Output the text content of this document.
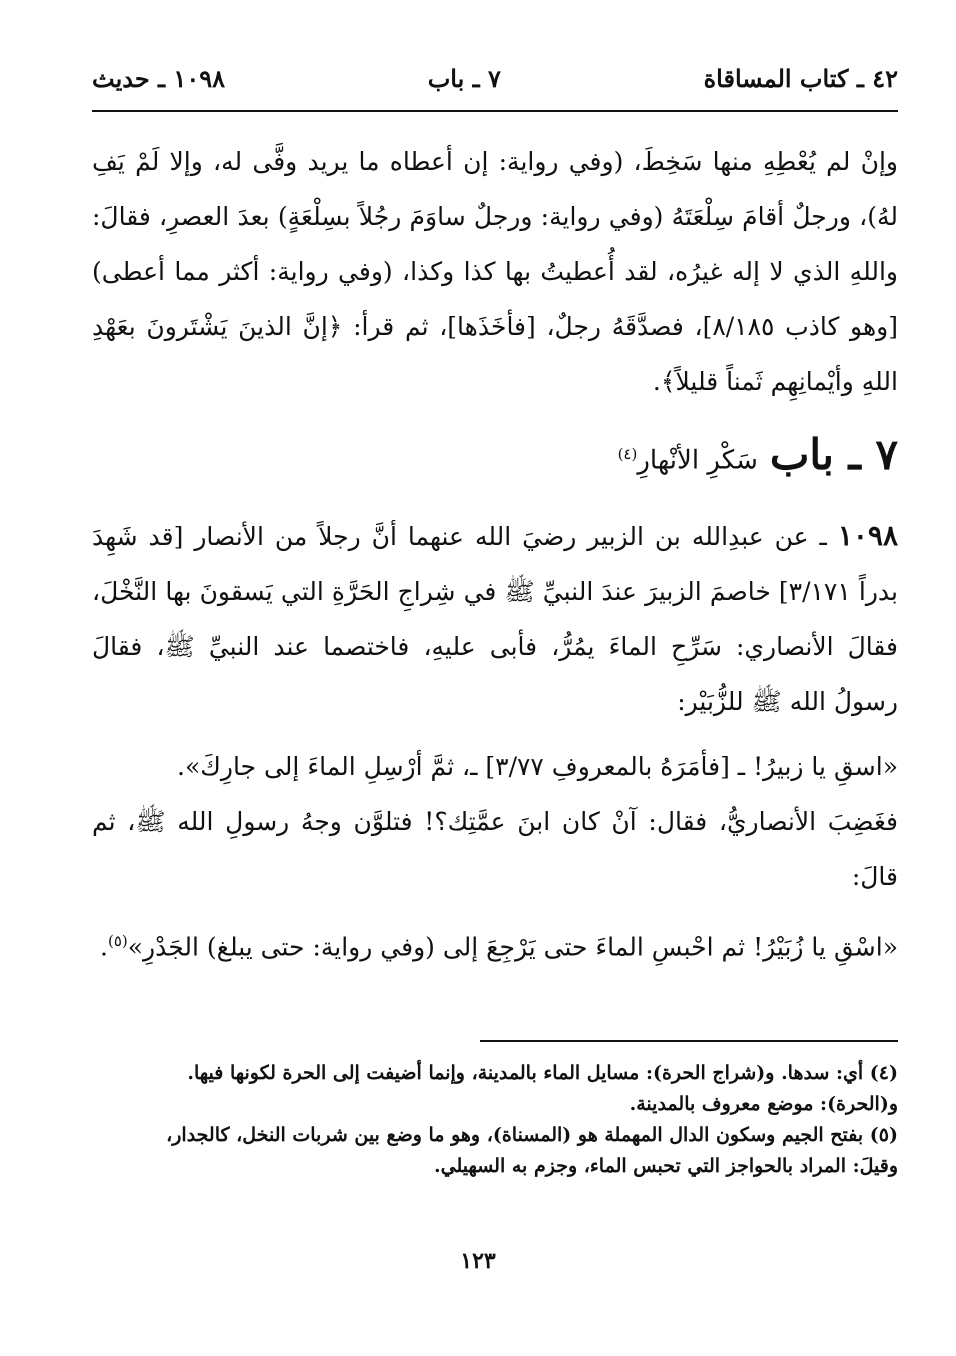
٤٢ ـ كتاب المساقاة
٧ ـ باب
١٠٩٨ ـ حديث

وإنْ لم يُعْطِهِ منها سَخِطَ، (وفي رواية: إن أعطاه ما يريد وفَّى له، وإلا لَمْ يَفِ لهُ)، ورجلٌ أقامَ سِلْعَتَهُ (وفي رواية: ورجلٌ ساوَمَ رجُلاً بسِلْعَةٍ) بعدَ العصرِ، فقالَ: واللهِ الذي لا إله غيرُه، لقد أُعطيتُ بها كذا وكذا، (وفي رواية: أكثر مما أعطى) [وهو كاذب ٨/١٨٥]، فصدَّقَهُ رجلٌ، [فأخَذَها]، ثم قرأ: ﴿إنَّ الذينَ يَشْتَرونَ بعَهْدِ اللهِ وأيْمانِهِم ثَمناً قليلاً﴾.

٧ ـ باب
سَكْرِ الأنْهارِ$^{(٤)}$

١٠٩٨ ـ عن عبدِالله بن الزبير رضيَ الله عنهما أنَّ رجلاً من الأنصار [قد شَهِدَ بدراً ٣/١٧١] خاصمَ الزبيرَ عندَ النبيِّ ﷺ في شِراجِ الحَرَّةِ التي يَسقونَ بها النَّخْلَ، فقالَ الأنصاري: سَرِّحِ الماءَ يمُرُّ، فأبى عليهِ، فاختصما عند النبيِّ ﷺ، فقالَ رسولُ الله ﷺ للزُّبَيْر:

«اسقِ يا زبيرُ! ـ [فأمَرَهُ بالمعروفِ ٣/٧٧] ـ، ثمَّ أرْسِلِ الماءَ إلى جارِكَ».

فغَضِبَ الأنصاريُّ، فقال: آنْ كان ابنَ عمَّتِك؟! فتلوَّن وجهُ رسولِ الله ﷺ، ثم قالَ:

«اسْقِ يا زُبَيْرُ! ثم احْبسِ الماءَ حتى يَرْجِعَ إلى (وفي رواية: حتى يبلغ) الجَدْرِ»$^{(٥)}$.

(٤) أي: سدها. و(شراج الحرة): مسايل الماء بالمدينة، وإنما أضيفت إلى الحرة لكونها فيها.

و(الحرة): موضع معروف بالمدينة.

(٥) بفتح الجيم وسكون الدال المهملة هو (المسناة)، وهو ما وضع بين شربات النخل، كالجدار،

وقيلَ: المراد بالحواجز التي تحبس الماء، وجزم به السهيلي.

١٢٣
